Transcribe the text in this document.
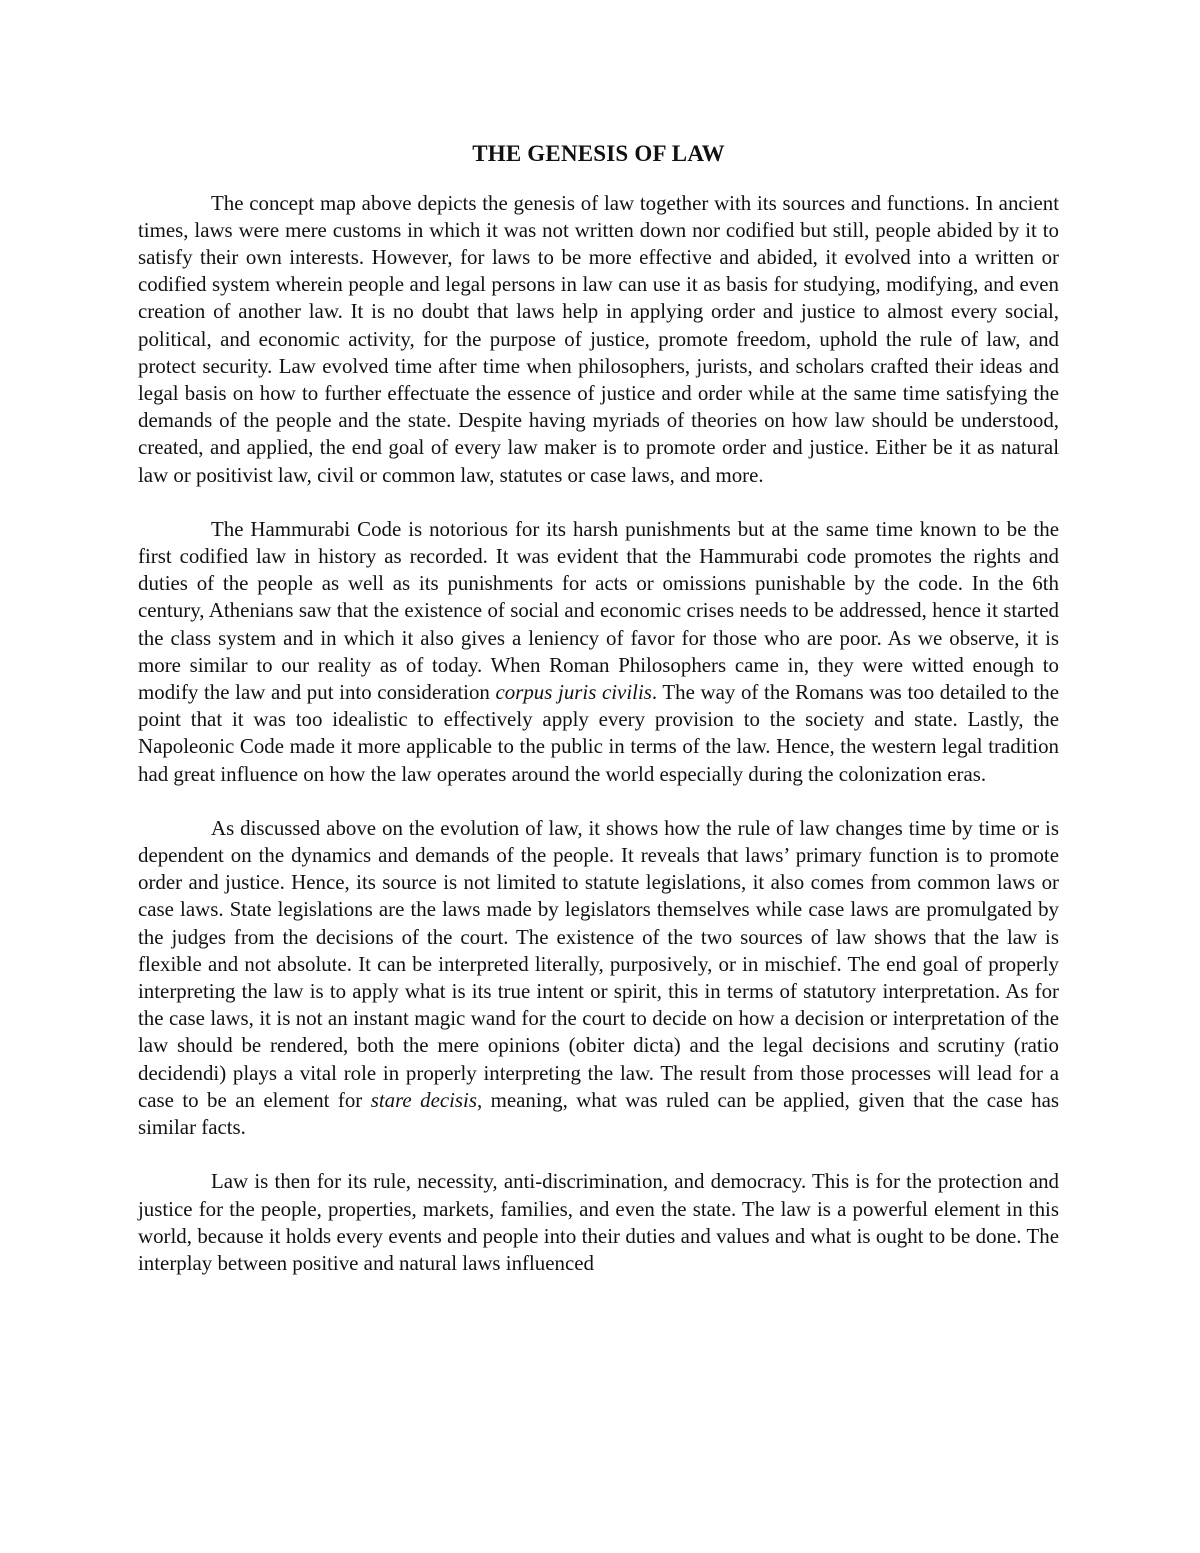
THE GENESIS OF LAW

The concept map above depicts the genesis of law together with its sources and functions. In ancient times, laws were mere customs in which it was not written down nor codified but still, people abided by it to satisfy their own interests. However, for laws to be more effective and abided, it evolved into a written or codified system wherein people and legal persons in law can use it as basis for studying, modifying, and even creation of another law. It is no doubt that laws help in applying order and justice to almost every social, political, and economic activity, for the purpose of justice, promote freedom, uphold the rule of law, and protect security. Law evolved time after time when philosophers, jurists, and scholars crafted their ideas and legal basis on how to further effectuate the essence of justice and order while at the same time satisfying the demands of the people and the state. Despite having myriads of theories on how law should be understood, created, and applied, the end goal of every law maker is to promote order and justice. Either be it as natural law or positivist law, civil or common law, statutes or case laws, and more.

The Hammurabi Code is notorious for its harsh punishments but at the same time known to be the first codified law in history as recorded. It was evident that the Hammurabi code promotes the rights and duties of the people as well as its punishments for acts or omissions punishable by the code. In the 6th century, Athenians saw that the existence of social and economic crises needs to be addressed, hence it started the class system and in which it also gives a leniency of favor for those who are poor. As we observe, it is more similar to our reality as of today. When Roman Philosophers came in, they were witted enough to modify the law and put into consideration corpus juris civilis. The way of the Romans was too detailed to the point that it was too idealistic to effectively apply every provision to the society and state. Lastly, the Napoleonic Code made it more applicable to the public in terms of the law. Hence, the western legal tradition had great influence on how the law operates around the world especially during the colonization eras.

As discussed above on the evolution of law, it shows how the rule of law changes time by time or is dependent on the dynamics and demands of the people. It reveals that laws’ primary function is to promote order and justice. Hence, its source is not limited to statute legislations, it also comes from common laws or case laws. State legislations are the laws made by legislators themselves while case laws are promulgated by the judges from the decisions of the court. The existence of the two sources of law shows that the law is flexible and not absolute. It can be interpreted literally, purposively, or in mischief. The end goal of properly interpreting the law is to apply what is its true intent or spirit, this in terms of statutory interpretation. As for the case laws, it is not an instant magic wand for the court to decide on how a decision or interpretation of the law should be rendered, both the mere opinions (obiter dicta) and the legal decisions and scrutiny (ratio decidendi) plays a vital role in properly interpreting the law. The result from those processes will lead for a case to be an element for stare decisis, meaning, what was ruled can be applied, given that the case has similar facts.

Law is then for its rule, necessity, anti-discrimination, and democracy. This is for the protection and justice for the people, properties, markets, families, and even the state. The law is a powerful element in this world, because it holds every events and people into their duties and values and what is ought to be done. The interplay between positive and natural laws influenced
